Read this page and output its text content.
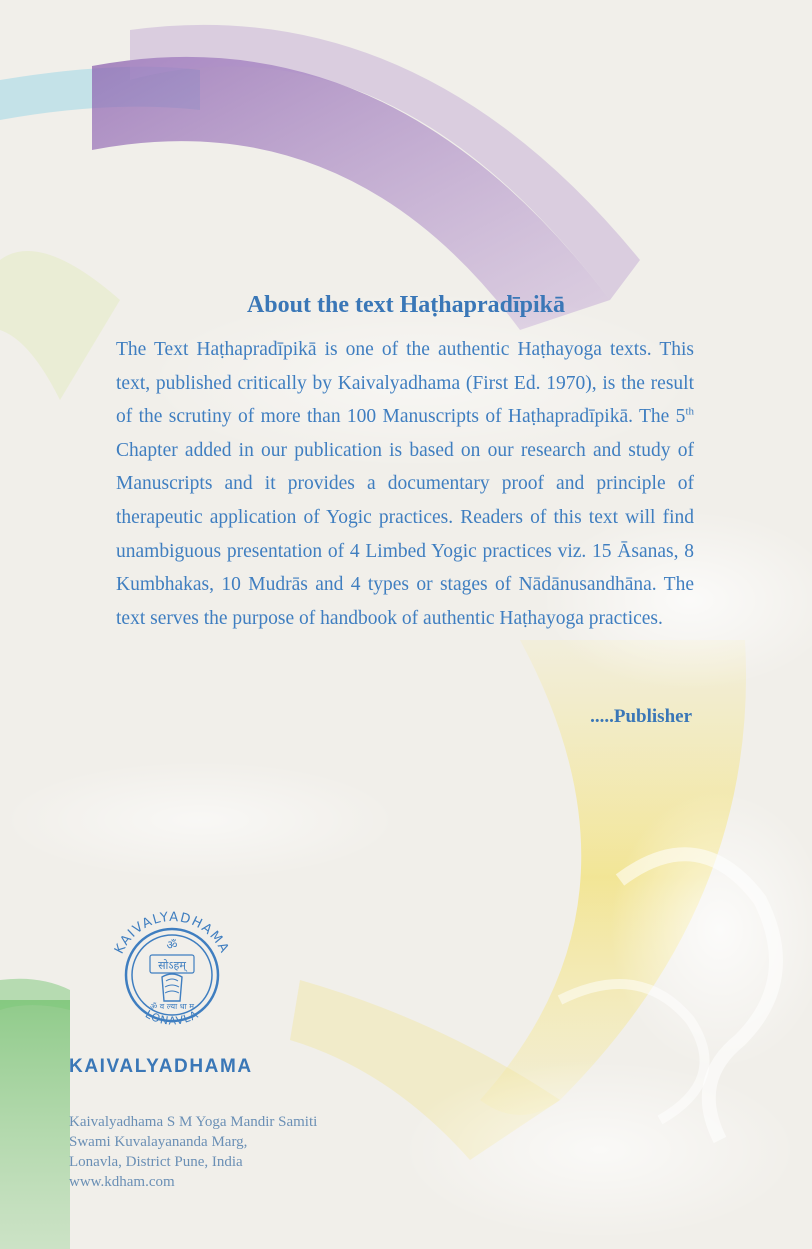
About the text Haṭhapradīpikā

The Text Haṭhapradīpikā is one of the authentic Haṭhayoga texts. This text, published critically by Kaivalyadhama (First Ed. 1970), is the result of the scrutiny of more than 100 Manuscripts of Haṭhapradīpikā. The 5th Chapter added in our publication is based on our research and study of Manuscripts and it provides a documentary proof and principle of therapeutic application of Yogic practices. Readers of this text will find unambiguous presentation of 4 Limbed Yogic practices viz. 15 Āsanas, 8 Kumbhakas, 10 Mudrās and 4 types or stages of Nādānusandhāna. The text serves the purpose of handbook of authentic Haṭhayoga practices.

.....Publisher
KAIVALYADHAMA
LONAVLA
ॐ
सोऽहम्
ॐ व ल्या धा म
KAIVALYADHAMA
Kaivalyadhama S M Yoga Mandir Samiti
Swami Kuvalayananda Marg,
Lonavla, District Pune, India
www.kdham.com
